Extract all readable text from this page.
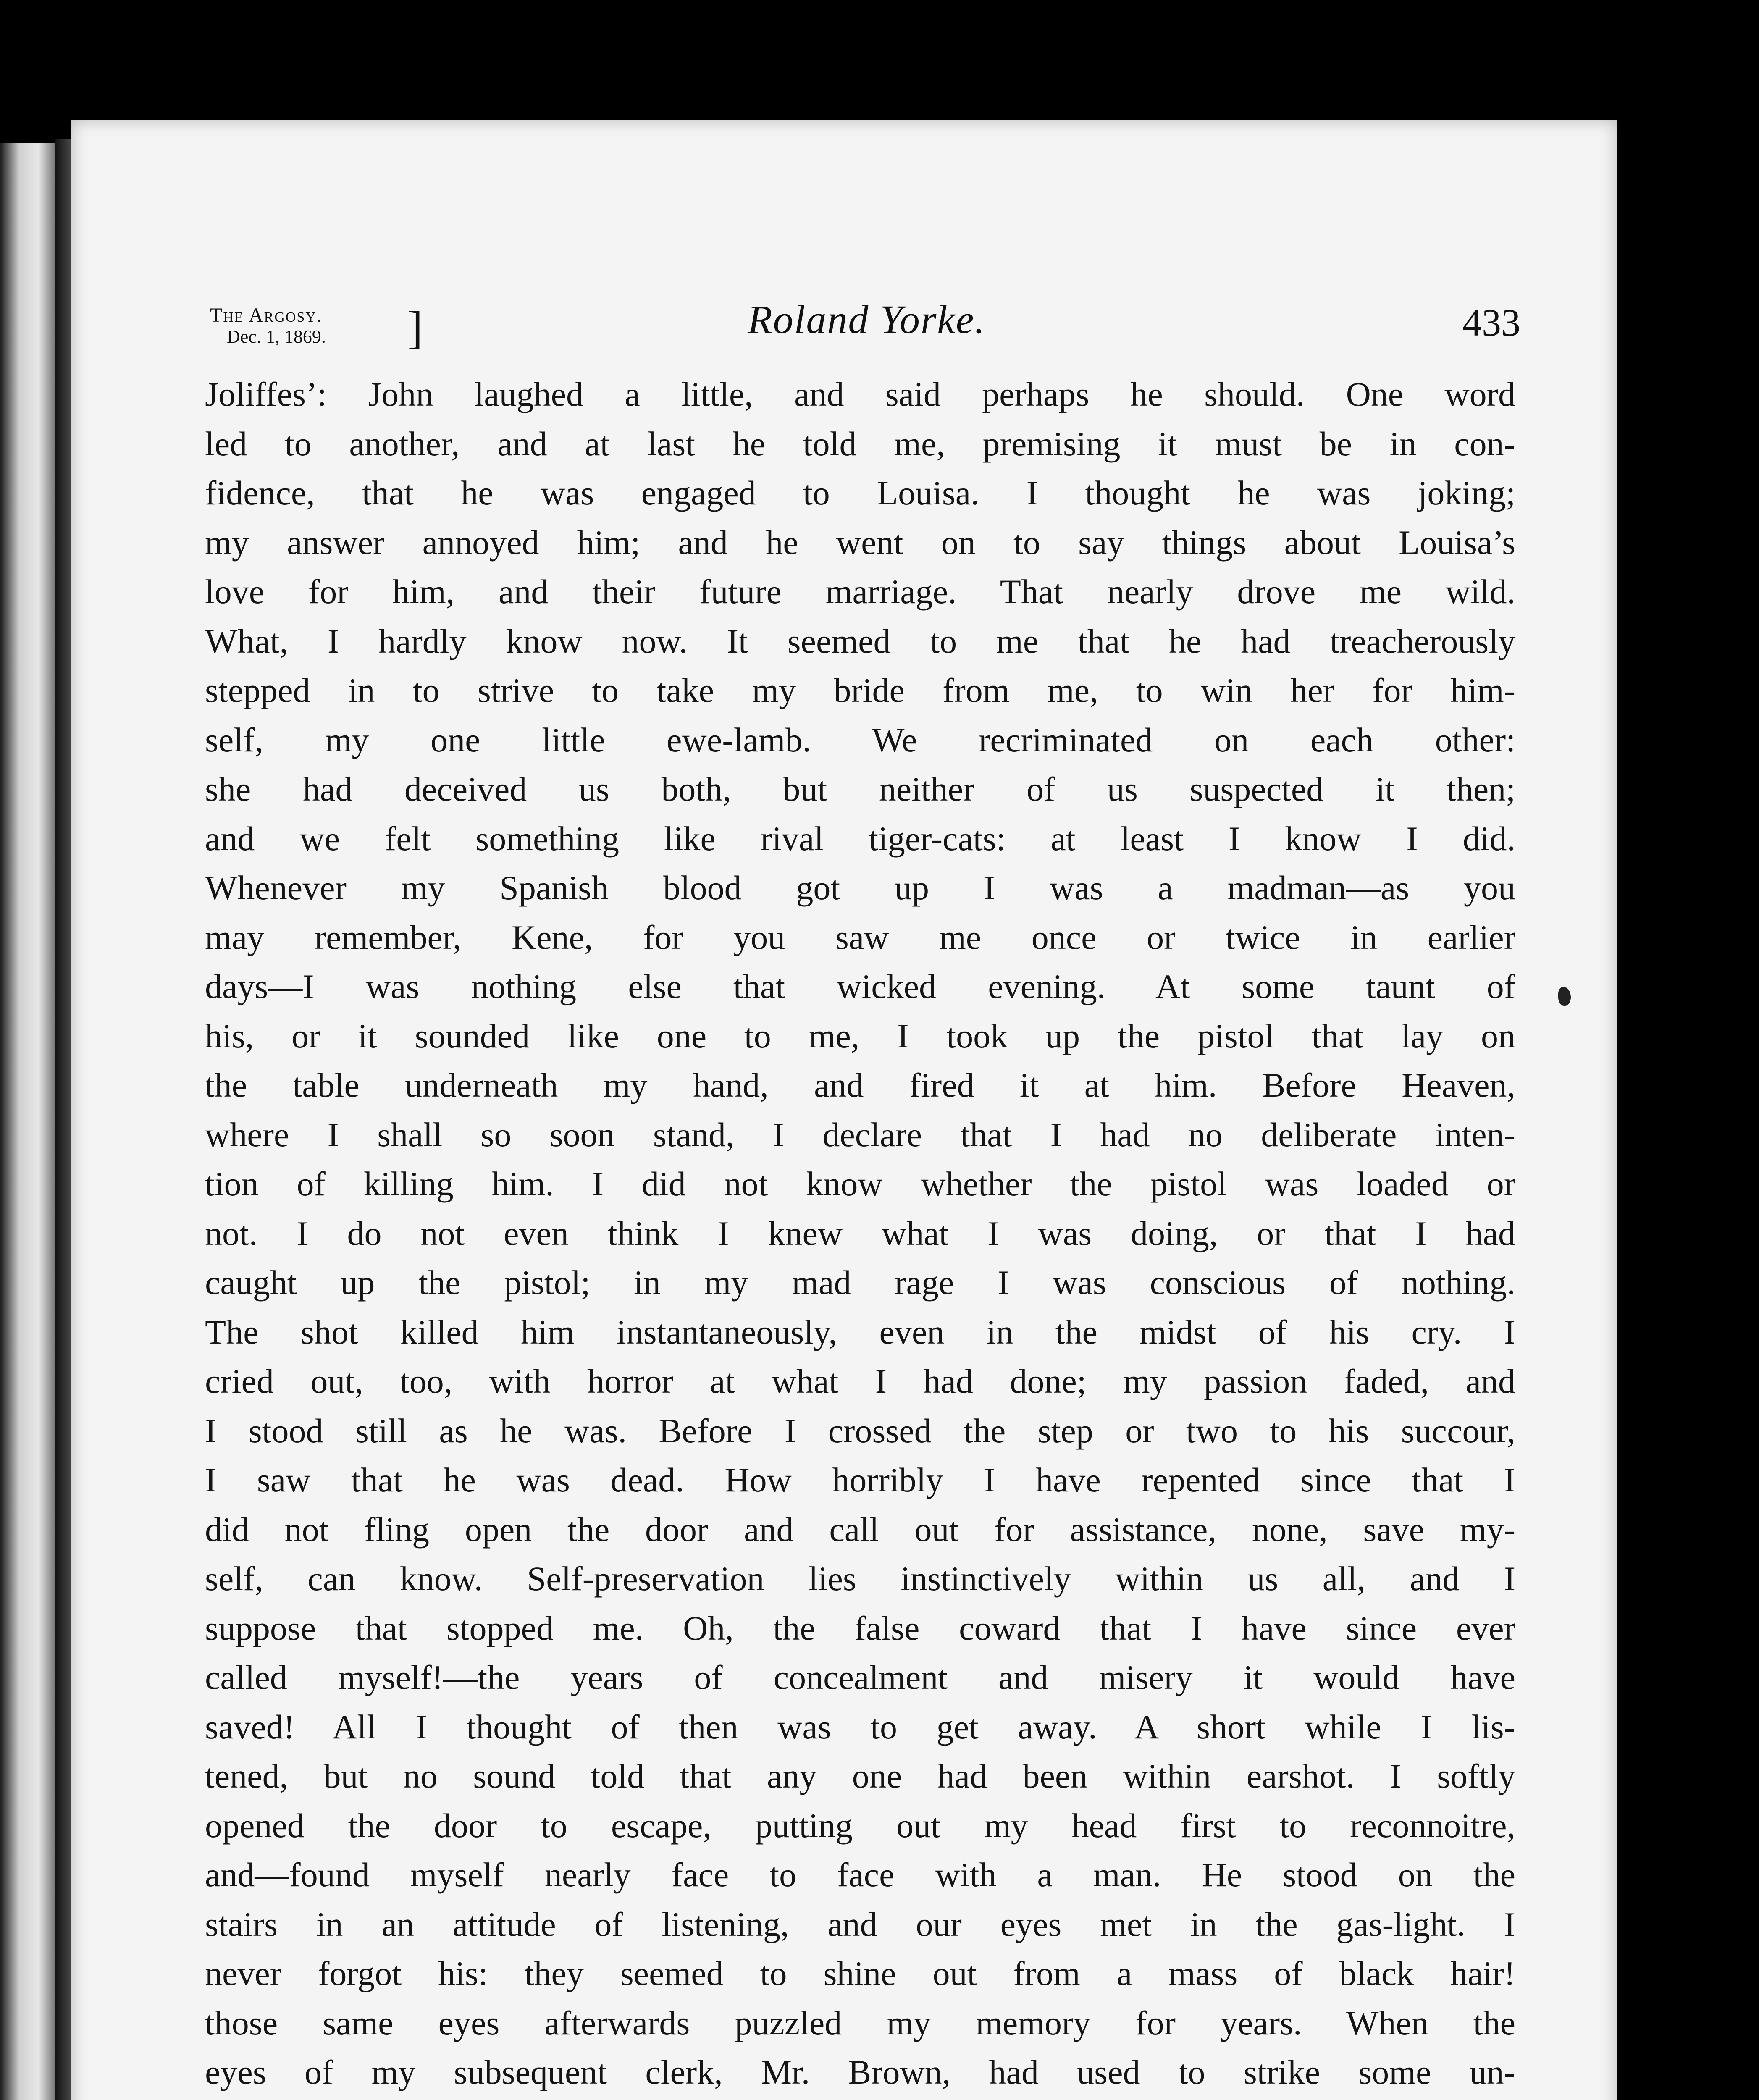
The Argosy.
Dec. 1, 1869. ]	Roland Yorke.	433
Joliffes’: John laughed a little, and said perhaps he should. One word
led to another, and at last he told me, premising it must be in con-
fidence, that he was engaged to Louisa. I thought he was joking;
my answer annoyed him; and he went on to say things about Louisa’s
love for him, and their future marriage. That nearly drove me wild.
What, I hardly know now. It seemed to me that he had treacherously
stepped in to strive to take my bride from me, to win her for him-
self, my one little ewe-lamb. We recriminated on each other:
she had deceived us both, but neither of us suspected it then;
and we felt something like rival tiger-cats: at least I know I did.
Whenever my Spanish blood got up I was a madman—as you
may remember, Kene, for you saw me once or twice in earlier
days—I was nothing else that wicked evening. At some taunt of
his, or it sounded like one to me, I took up the pistol that lay on
the table underneath my hand, and fired it at him. Before Heaven,
where I shall so soon stand, I declare that I had no deliberate inten-
tion of killing him. I did not know whether the pistol was loaded or
not. I do not even think I knew what I was doing, or that I had
caught up the pistol; in my mad rage I was conscious of nothing.
The shot killed him instantaneously, even in the midst of his cry. I
cried out, too, with horror at what I had done; my passion faded, and
I stood still as he was. Before I crossed the step or two to his succour,
I saw that he was dead. How horribly I have repented since that I
did not fling open the door and call out for assistance, none, save my-
self, can know. Self-preservation lies instinctively within us all, and I
suppose that stopped me. Oh, the false coward that I have since ever
called myself!—the years of concealment and misery it would have
saved! All I thought of then was to get away. A short while I lis-
tened, but no sound told that any one had been within earshot. I softly
opened the door to escape, putting out my head first to reconnoitre,
and—found myself nearly face to face with a man. He stood on the
stairs in an attitude of listening, and our eyes met in the gas-light. I
never forgot his: they seemed to shine out from a mass of black hair!
those same eyes afterwards puzzled my memory for years. When the
eyes of my subsequent clerk, Mr. Brown, had used to strike some un-
